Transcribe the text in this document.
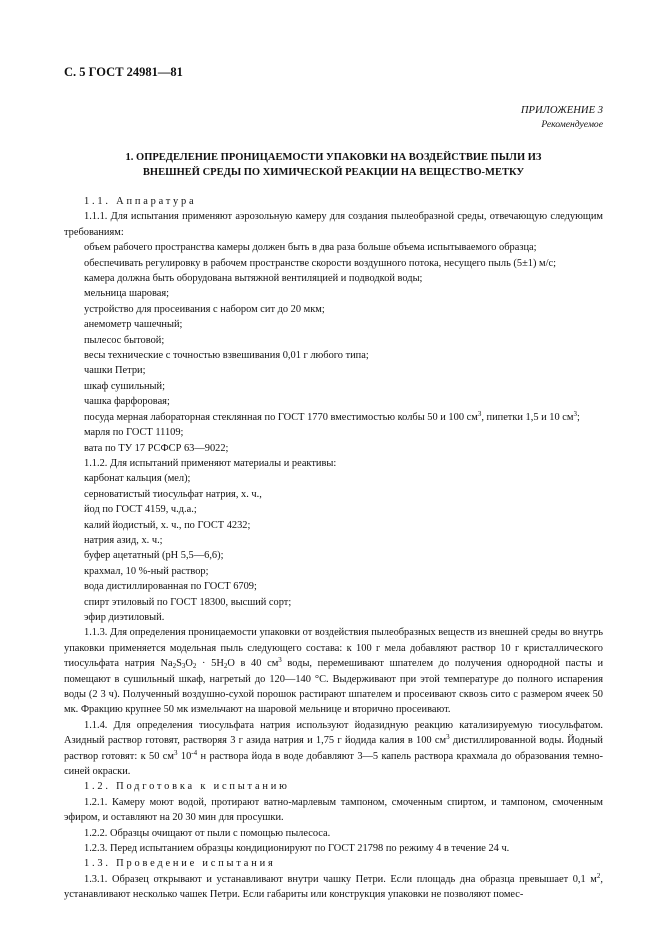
С. 5 ГОСТ 24981—81
ПРИЛОЖЕНИЕ 3
Рекомендуемое
1. ОПРЕДЕЛЕНИЕ ПРОНИЦАЕМОСТИ УПАКОВКИ НА ВОЗДЕЙСТВИЕ ПЫЛИ ИЗ
ВНЕШНЕЙ СРЕДЫ ПО ХИМИЧЕСКОЙ РЕАКЦИИ НА ВЕЩЕСТВО-МЕТКУ

1.1. Аппаратура

1.1.1. Для испытания применяют аэрозольную камеру для создания пылеобразной среды, отвечающую следующим требованиям:

объем рабочего пространства камеры должен быть в два раза больше объема испытываемого образца;

обеспечивать регулировку в рабочем пространстве скорости воздушного потока, несущего пыль (5±1) м/с;

камера должна быть оборудована вытяжной вентиляцией и подводкой воды;

мельница шаровая;

устройство для просеивания с набором сит до 20 мкм;

анемометр чашечный;

пылесос бытовой;

весы технические с точностью взвешивания 0,01 г любого типа;

чашки Петри;

шкаф сушильный;

чашка фарфоровая;

посуда мерная лабораторная стеклянная по ГОСТ 1770 вместимостью колбы 50 и 100 $см^3$, пипетки 1,5 и 10 $см^3$;

марля по ГОСТ 11109;

вата по ТУ 17 РСФСР 63—9022;

1.1.2. Для испытаний применяют материалы и реактивы:

карбонат кальция (мел);

серноватистый тиосульфат натрия, х. ч.,

йод по ГОСТ 4159, ч.д.а.;

калий йодистый, х. ч., по ГОСТ 4232;

натрия азид, х. ч.;

буфер ацетатный (рН 5,5—6,6);

крахмал, 10 %-ный раствор;

вода дистиллированная по ГОСТ 6709;

спирт этиловый по ГОСТ 18300, высший сорт;

эфир диэтиловый.

1.1.3. Для определения проницаемости упаковки от воздействия пылеобразных веществ из внешней среды во внутрь упаковки применяется модельная пыль следующего состава: к 100 г мела добавляют раствор 10 г кристаллического тиосульфата натрия $Na_2S_3O_2 \cdot 5H_2O$ в 40 $см^3$ воды, перемешивают шпателем до получения однородной пасты и помещают в сушильный шкаф, нагретый до 120—140 °С. Выдерживают при этой температуре до полного испарения воды (2 3 ч). Полученный воздушно-сухой порошок растирают шпателем и просеивают сквозь сито с размером ячеек 50 мк. Фракцию крупнее 50 мк измельчают на шаровой мельнице и вторично просеивают.

1.1.4. Для определения тиосульфата натрия используют йодазидную реакцию катализируемую тиосульфатом. Азидный раствор готовят, растворяя 3 г азида натрия и 1,75 г йодида калия в 100 $см^3$ дистиллированной воды. Йодный раствор готовят: к 50 $см^3$ $10^{-4}$ н раствора йода в воде добавляют 3—5 капель раствора крахмала до образования темно-синей окраски.

1.2. Подготовка к испытанию

1.2.1. Камеру моют водой, протирают ватно-марлевым тампоном, смоченным спиртом, и тампоном, смоченным эфиром, и оставляют на 20 30 мин для просушки.

1.2.2. Образцы очищают от пыли с помощью пылесоса.

1.2.3. Перед испытанием образцы кондиционируют по ГОСТ 21798 по режиму 4 в течение 24 ч.

1.3. Проведение испытания

1.3.1. Образец открывают и устанавливают внутри чашку Петри. Если площадь дна образца превышает 0,1 $м^2$, устанавливают несколько чашек Петри. Если габариты или конструкция упаковки не позволяют помес-
